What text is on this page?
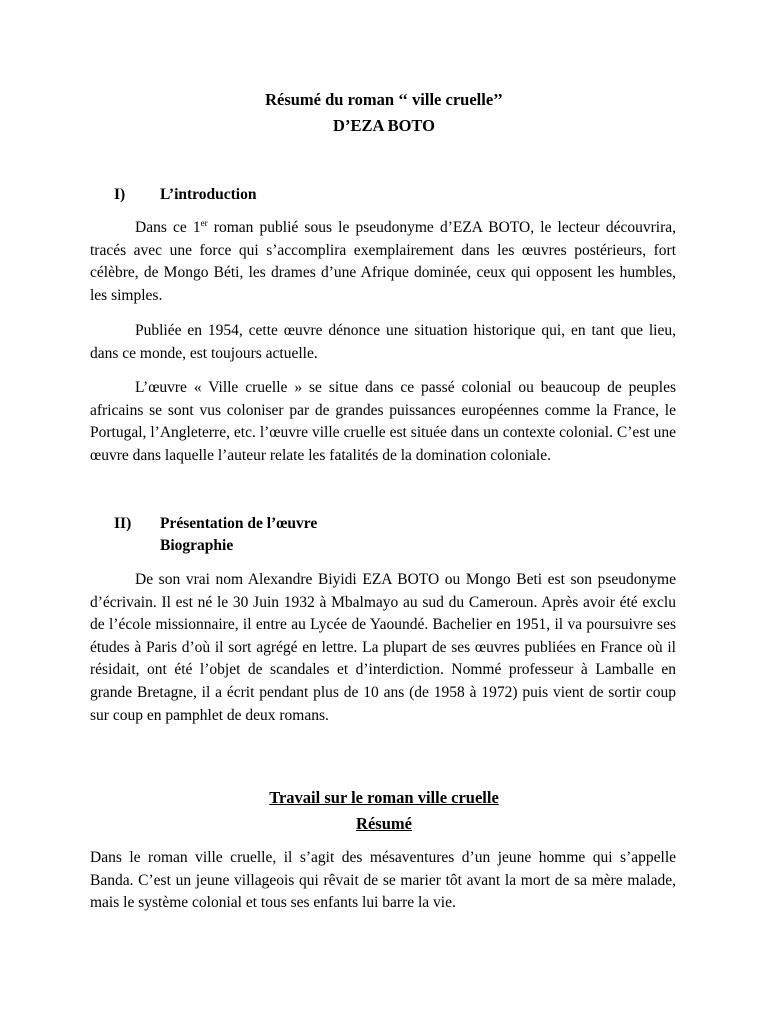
Résumé du roman ‘‘ ville cruelle’’
D’EZA BOTO
I)	L’introduction

Dans ce 1er roman publié sous le pseudonyme d’EZA BOTO, le lecteur découvrira, tracés avec une force qui s’accomplira exemplairement dans les œuvres postérieurs, fort célèbre, de Mongo Béti, les drames d’une Afrique dominée, ceux qui opposent les humbles, les simples.

Publiée en 1954, cette œuvre dénonce une situation historique qui, en tant que lieu, dans ce monde, est toujours actuelle.

L’œuvre « Ville cruelle » se situe dans ce passé colonial ou beaucoup de peuples africains se sont vus coloniser par de grandes puissances européennes comme la France, le Portugal, l’Angleterre, etc. l’œuvre ville cruelle est située dans un contexte colonial. C’est une œuvre dans laquelle l’auteur relate les fatalités de la domination coloniale.

II)	Présentation de l’œuvre
Biographie

De son vrai nom Alexandre Biyidi EZA BOTO ou Mongo Beti est son pseudonyme d’écrivain. Il est né le 30 Juin 1932 à Mbalmayo au sud du Cameroun. Après avoir été exclu de l’école missionnaire, il entre au Lycée de Yaoundé. Bachelier en 1951, il va poursuivre ses études à Paris d’où il sort agrégé en lettre. La plupart de ses œuvres publiées en France où il résidait, ont été l’objet de scandales et d’interdiction. Nommé professeur à Lamballe en grande Bretagne, il a écrit pendant plus de 10 ans (de 1958 à 1972) puis vient de sortir coup sur coup en pamphlet de deux romans.

Travail sur le roman ville cruelle
Résumé

Dans le roman ville cruelle, il s’agit des mésaventures d’un jeune homme qui s’appelle Banda. C’est un jeune villageois qui rêvait de se marier tôt avant la mort de sa mère malade, mais le système colonial et tous ses enfants lui barre la vie.
